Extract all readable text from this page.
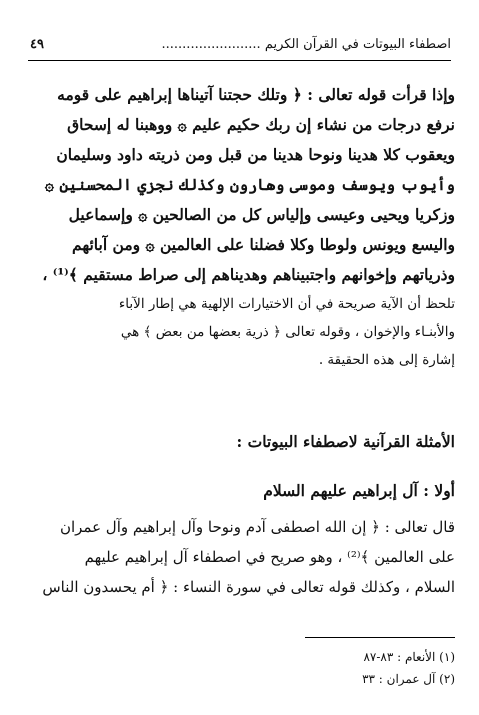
اصطفاء البيوتات في القرآن الكريم ........................
٤٩
وإذا قرأت قوله تعالى : ﴿ وتلك حجتنا آتيناها إبراهيم على قومه
نرفع درجات من نشاء إن ربك حكيم عليم ۞ ووهبنا له إسحاق
ويعقوب كلا هدينا ونوحا هدينا من قبل ومن ذريته داود وسليمان
وأيوب ويوسف وموسى وهارون وكذلك نجزي المحسنين ۞
وزكريا ويحيى وعيسى وإلياس كل من الصالحين ۞ وإسماعيل
واليسع ويونس ولوطا وكلا فضلنا على العالمين ۞ ومن آبائهم
وذرياتهم وإخوانهم واجتبيناهم وهديناهم إلى صراط مستقيم ﴾⁽¹⁾ ،
تلحظ أن الآية صريحة في أن الاختيارات الإلهية هي إطار الآباء
والأبنـاء والإخوان ، وقوله تعالى ﴿ ذرية بعضها من بعض ﴾ هي
إشارة إلى هذه الحقيقة .
الأمثلة القرآنية لاصطفاء البيوتات :
أولا : آل إبراهيم عليهم السلام
قال تعالى : ﴿ إن الله اصطفى آدم ونوحا وآل إبراهيم وآل عمران
على العالمين ﴾⁽²⁾ ، وهو صريح في اصطفاء آل إبراهيم عليهم
السلام ، وكذلك قوله تعالى في سورة النساء : ﴿ أم يحسدون الناس
(١) الأنعام : ٨٣-٨٧
(٢) آل عمران : ٣٣
